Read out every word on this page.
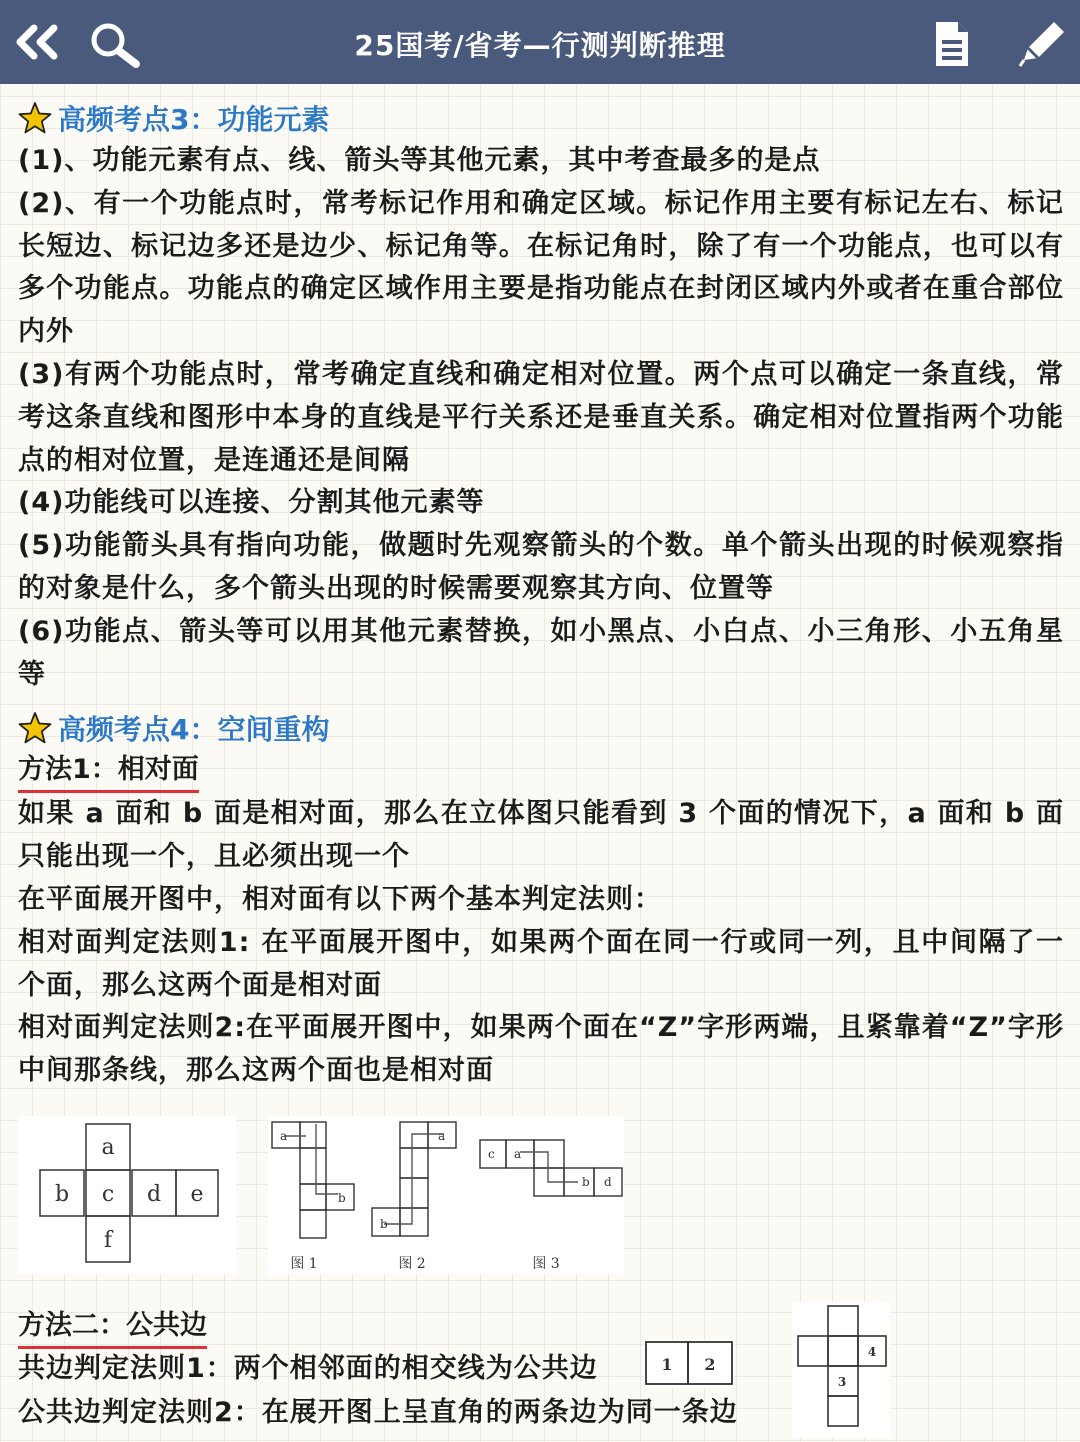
25国考/省考—行测判断推理
高频考点3：功能元素
(1)、功能元素有点、线、箭头等其他元素，其中考查最多的是点
(2)、有一个功能点时，常考标记作用和确定区域。标记作用主要有标记左右、标记长短边、标记边多还是边少、标记角等。在标记角时，除了有一个功能点，也可以有多个功能点。功能点的确定区域作用主要是指功能点在封闭区域内外或者在重合部位内外
(3)有两个功能点时，常考确定直线和确定相对位置。两个点可以确定一条直线，常考这条直线和图形中本身的直线是平行关系还是垂直关系。确定相对位置指两个功能点的相对位置，是连通还是间隔
(4)功能线可以连接、分割其他元素等
(5)功能箭头具有指向功能，做题时先观察箭头的个数。单个箭头出现的时候观察指的对象是什么，多个箭头出现的时候需要观察其方向、位置等
(6)功能点、箭头等可以用其他元素替换，如小黑点、小白点、小三角形、小五角星等
高频考点4：空间重构
方法1：相对面
如果 a 面和 b 面是相对面，那么在立体图只能看到 3 个面的情况下，a 面和 b 面只能出现一个，且必须出现一个
在平面展开图中，相对面有以下两个基本判定法则：
相对面判定法则1: 在平面展开图中，如果两个面在同一行或同一列，且中间隔了一个面，那么这两个面是相对面
相对面判定法则2:在平面展开图中，如果两个面在“Z”字形两端，且紧靠着“Z”字形中间那条线，那么这两个面也是相对面
a
b c d e
f
a
b
图 1
a
b
图 2
c a
b d
图 3
方法二：公共边
共边判定法则1：两个相邻面的相交线为公共边
公共边判定法则2：在展开图上呈直角的两条边为同一条边
1 2
4
3
